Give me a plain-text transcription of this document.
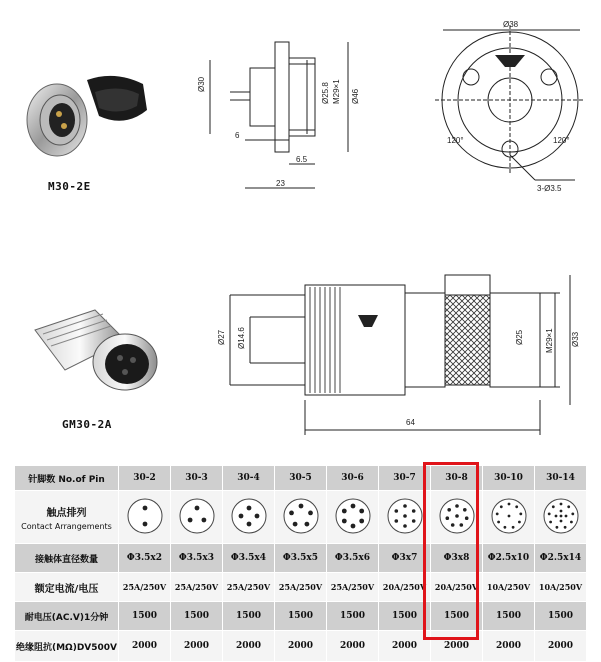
M30-2E
Ø30	Ø25.8 M29×1 Ø46
6
6.5
23
Ø38
120°	120°
3-Ø3.5
GM30-2A
Ø27 Ø14.6	Ø25	M29×1 Ø33
64
针脚数 No.of Pin	30-2	30-3	30-4	30-5	30-6	30-7	30-8	30-10	30-14

触点排列
Contact Arrangements

接触体直径数量	Φ3.5x2	Φ3.5x3	Φ3.5x4	Φ3.5x5	Φ3.5x6	Φ3x7	Φ3x8	Φ2.5x10	Φ2.5x14
额定电流/电压	25A/250V	25A/250V	25A/250V	25A/250V	25A/250V	20A/250V	20A/250V	10A/250V	10A/250V
耐电压(AC.V)1分钟	1500	1500	1500	1500	1500	1500	1500	1500	1500
绝缘阻抗(MΩ)DV500V	2000	2000	2000	2000	2000	2000	2000	2000	2000
